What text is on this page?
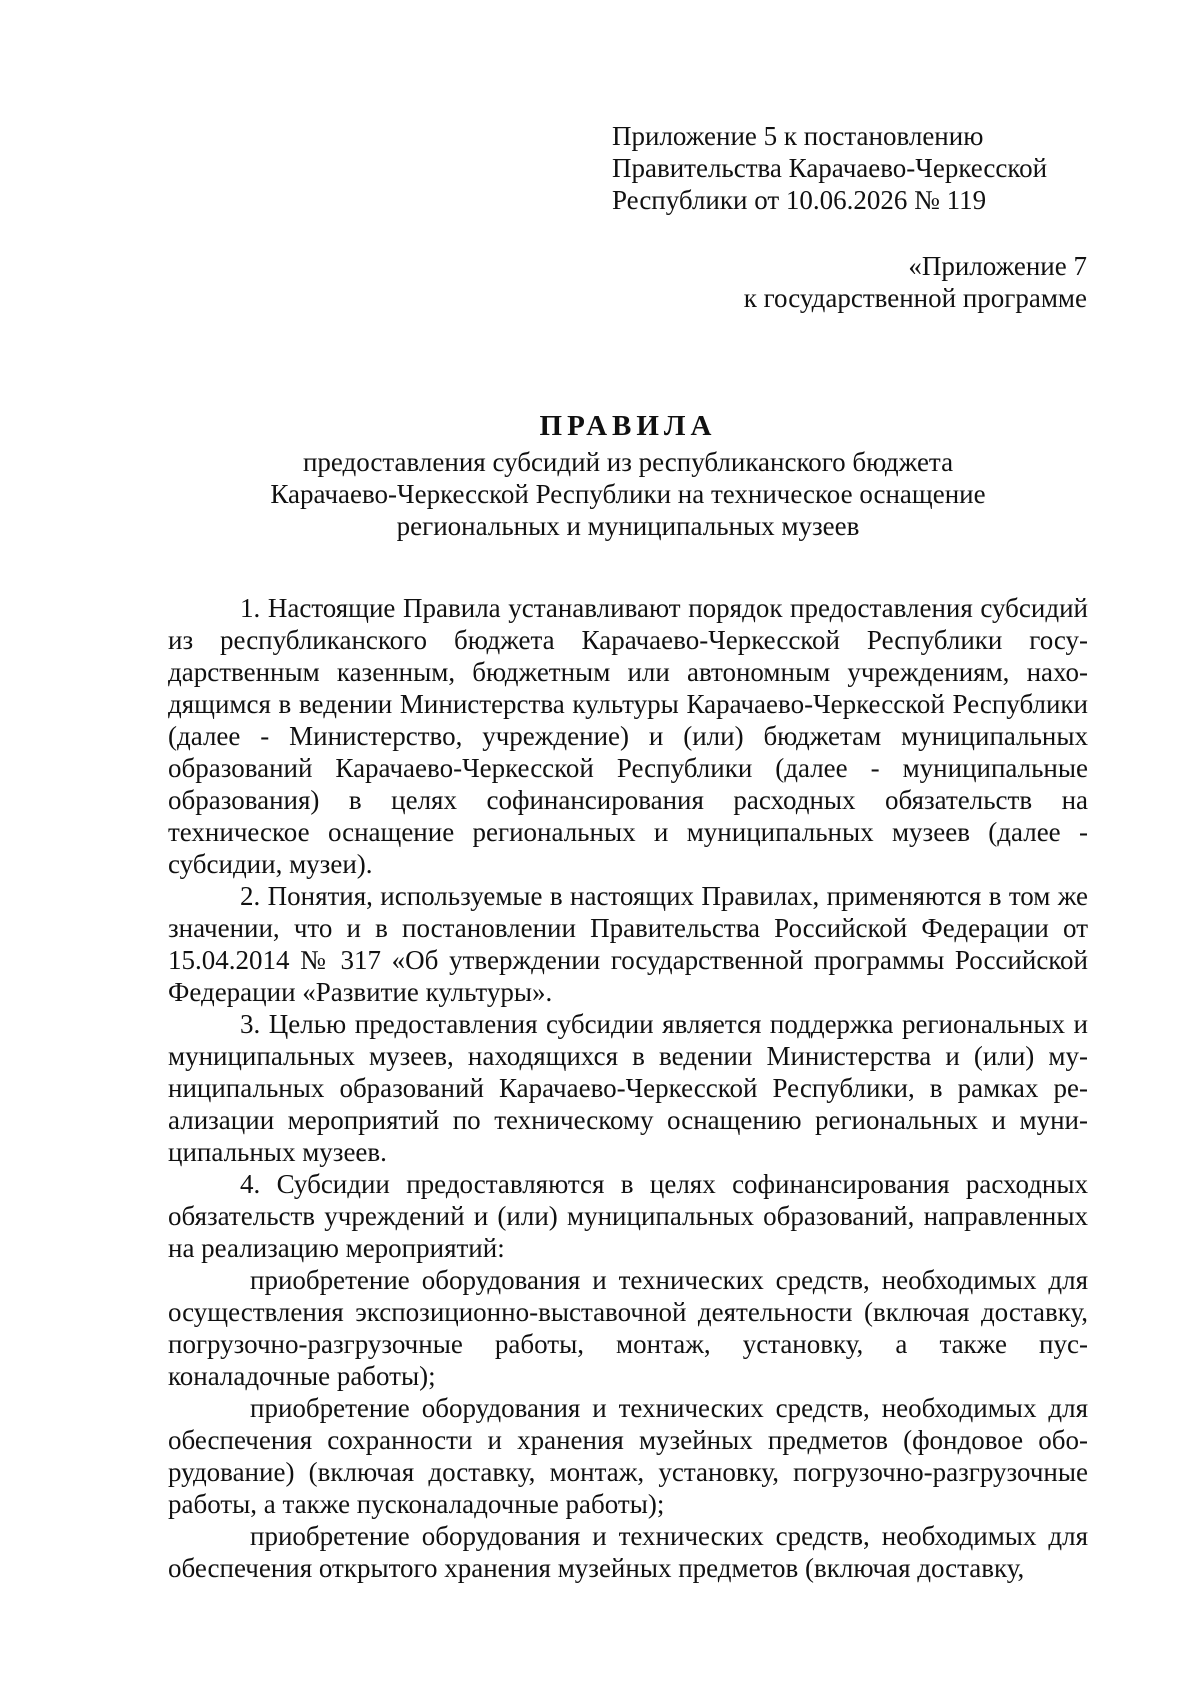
Приложение 5 к постановлению
Правительства Карачаево-Черкесской
Республики от 10.06.2026 № 119
«Приложение 7
к государственной программе
ПРАВИЛА
предоставления субсидий из республиканского бюджета
Карачаево-Черкесской Республики на техническое оснащение
региональных и муниципальных музеев

1. Настоящие Правила устанавливают порядок предоставления субсидий из республиканского бюджета Карачаево-Черкесской Республики государственным казенным, бюджетным или автономным учреждениям, находящимся в ведении Министерства культуры Карачаево-Черкесской Республики (далее - Министерство, учреждение) и (или) бюджетам муниципальных образований Карачаево-Черкесской Республики (далее - муниципальные образования) в целях софинансирования расходных обязательств на техническое оснащение региональных и муниципальных музеев (далее - субсидии, музеи).

2. Понятия, используемые в настоящих Правилах, применяются в том же значении, что и в постановлении Правительства Российской Федерации от 15.04.2014 № 317 «Об утверждении государственной программы Российской Федерации «Развитие культуры».

3. Целью предоставления субсидии является поддержка региональных и муниципальных музеев, находящихся в ведении Министерства и (или) муниципальных образований Карачаево-Черкесской Республики, в рамках реализации мероприятий по техническому оснащению региональных и муниципальных музеев.

4. Субсидии предоставляются в целях софинансирования расходных обязательств учреждений и (или) муниципальных образований, направленных на реализацию мероприятий:

приобретение оборудования и технических средств, необходимых для осуществления экспозиционно-выставочной деятельности (включая доставку, погрузочно-разгрузочные работы, монтаж, установку, а также пусконаладочные работы);

приобретение оборудования и технических средств, необходимых для обеспечения сохранности и хранения музейных предметов (фондовое оборудование) (включая доставку, монтаж, установку, погрузочно-разгрузочные работы, а также пусконаладочные работы);

приобретение оборудования и технических средств, необходимых для обеспечения открытого хранения музейных предметов (включая доставку,
